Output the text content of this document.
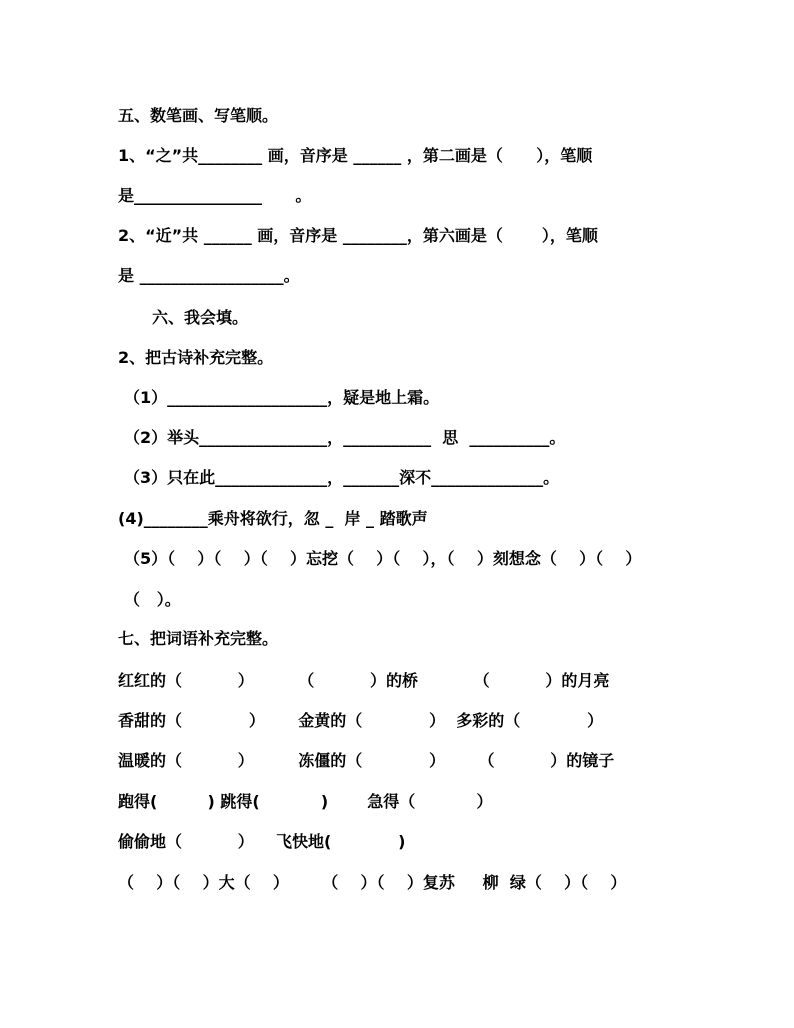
五、数笔画、写笔顺。
1、“之”共________ 画，音序是 ______ ，第二画是（      ），笔顺
是________________      。
2、“近”共 ______ 画，音序是 ________，第六画是（       ），笔顺
是 __________________。
六、我会填。
2、把古诗补充完整。
（1）____________________，疑是地上霜。
（2）举头________________，___________  思  __________。
（3）只在此______________，_______深不______________。
(4)________乘舟将欲行，忽 _  岸 _ 踏歌声
（5）（    ）（    ）（    ）忘挖（    ）（    ），（    ）刻想念（    ）（    ）
（   ）。
七、把词语补充完整。
红红的（          ）        （          ）的桥          （          ）的月亮
香甜的（            ）      金黄的（            ）  多彩的（            ）
温暖的（          ）        冻僵的（            ）      （          ）的镜子
跑得(         ) 跳得(           )       急得（           ）
偷偷地（          ）    飞快地(            )
（    ）（    ）大（    ）      （    ）（    ）复苏     柳  绿（    ）（    ）
